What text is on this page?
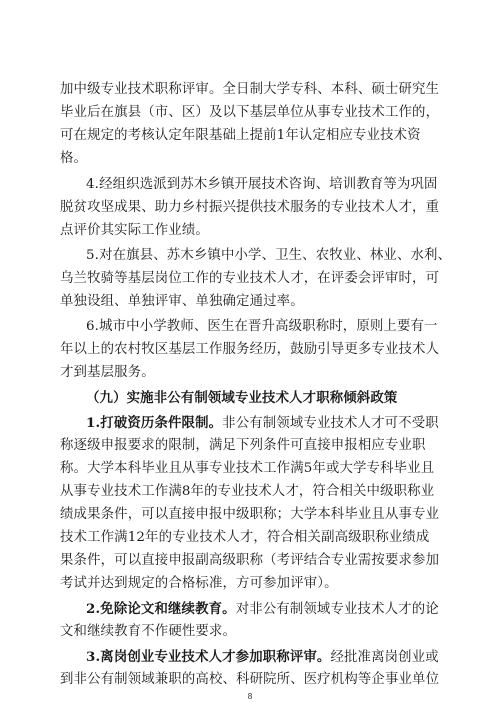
加中级专业技术职称评审。全日制大学专科、本科、硕士研究生
毕业后在旗县（市、区）及以下基层单位从事专业技术工作的，
可在规定的考核认定年限基础上提前1年认定相应专业技术资
格。
4.经组织选派到苏木乡镇开展技术咨询、培训教育等为巩固
脱贫攻坚成果、助力乡村振兴提供技术服务的专业技术人才，重
点评价其实际工作业绩。
5.对在旗县、苏木乡镇中小学、卫生、农牧业、林业、水利、
乌兰牧骑等基层岗位工作的专业技术人才，在评委会评审时，可
单独设组、单独评审、单独确定通过率。
6.城市中小学教师、医生在晋升高级职称时，原则上要有一
年以上的农村牧区基层工作服务经历，鼓励引导更多专业技术人
才到基层服务。
（九）实施非公有制领域专业技术人才职称倾斜政策
1.打破资历条件限制。非公有制领域专业技术人才可不受职
称逐级申报要求的限制，满足下列条件可直接申报相应专业职
称。大学本科毕业且从事专业技术工作满5年或大学专科毕业且
从事专业技术工作满8年的专业技术人才，符合相关中级职称业
绩成果条件，可以直接申报中级职称；大学本科毕业且从事专业
技术工作满12年的专业技术人才，符合相关副高级职称业绩成
果条件，可以直接申报副高级职称（考评结合专业需按要求参加
考试并达到规定的合格标准，方可参加评审）。
2.免除论文和继续教育。对非公有制领域专业技术人才的论
文和继续教育不作硬性要求。
3.离岗创业专业技术人才参加职称评审。经批准离岗创业或
到非公有制领域兼职的高校、科研院所、医疗机构等企事业单位
8
